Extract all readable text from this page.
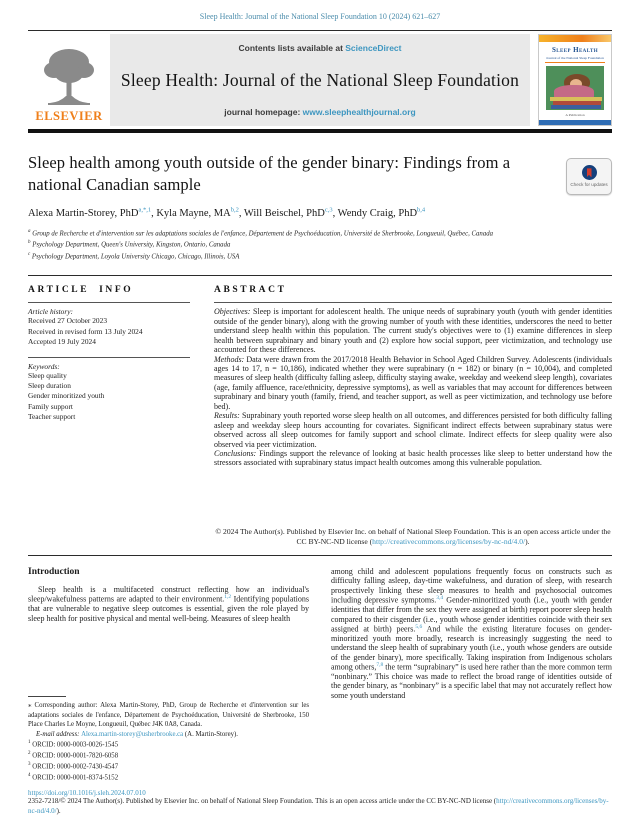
Sleep Health: Journal of the National Sleep Foundation 10 (2024) 621–627
ELSEVIER
Contents lists available at ScienceDirect
Sleep Health: Journal of the National Sleep Foundation
journal homepage: www.sleephealthjournal.org
Sleep Health
Journal of the National Sleep Foundation
A Publication
Sleep health among youth outside of the gender binary: Findings from a national Canadian sample	Check for updates
Alexa Martin-Storey, PhD$^{a,*,1}$, Kyla Mayne, MA$^{b,2}$, Will Beischel, PhD$^{c,3}$, Wendy Craig, PhD$^{b,4}$
$^a$ Group de Recherche et d'intervention sur les adaptations sociales de l'enfance, Département de Psychoéducation, Université de Sherbrooke, Longueuil, Québec, Canada
$^b$ Psychology Department, Queen's University, Kingston, Ontario, Canada
$^c$ Psychology Department, Loyola University Chicago, Chicago, Illinois, USA
ARTICLE INFO
Article history:
Received 27 October 2023
Received in revised form 13 July 2024
Accepted 19 July 2024
Keywords:
Sleep quality
Sleep duration
Gender minoritized youth
Family support
Teacher support
ABSTRACT
Objectives: Sleep is important for adolescent health. The unique needs of suprabinary youth (youth with gender identities outside of the gender binary), along with the growing number of youth with these identities, underscores the need to better understand sleep health within this population. The current study's objectives were to (1) examine differences in sleep health between suprabinary and binary youth and (2) explore how social support, peer victimization, and technology use accounted for these differences.
Methods: Data were drawn from the 2017/2018 Health Behavior in School Aged Children Survey. Adolescents (individuals ages 14 to 17, n = 10,186), indicated whether they were suprabinary (n = 182) or binary (n = 10,004), and completed measures of sleep health (difficulty falling asleep, difficulty staying awake, weekday and weekend sleep length), covariates (age, family affluence, race/ethnicity, depressive symptoms), as well as variables that may account for differences between suprabinary and binary youth (family, friend, and teacher support, as well as peer victimization, and technology use before bed).
Results: Suprabinary youth reported worse sleep health on all outcomes, and differences persisted for both difficulty falling asleep and weekday sleep hours accounting for covariates. Significant indirect effects between suprabinary status were observed across all sleep outcomes for family support and school climate. Indirect effects for sleep quality were also observed via peer victimization.
Conclusions: Findings support the relevance of looking at basic health processes like sleep to better understand how the stressors associated with suprabinary status impact health outcomes among this vulnerable population.
© 2024 The Author(s). Published by Elsevier Inc. on behalf of National Sleep Foundation. This is an open access article under the CC BY-NC-ND license (http://creativecommons.org/licenses/by-nc-nd/4.0/).
Introduction
Sleep health is a multifaceted construct reflecting how an individual's sleep/wakefulness patterns are adapted to their environment.$^{1,2}$ Identifying populations that are vulnerable to negative sleep outcomes is essential, given the role played by sleep health for positive physical and mental well-being. Measures of sleep health
⁎ Corresponding author: Alexa Martin-Storey, PhD, Group de Recherche et d'intervention sur les adaptations sociales de l'enfance, Département de Psychoéducation, Université de Sherbrooke, 150 Place Charles Le Moyne, Longueuil, Québec J4K 0A8, Canada.
E-mail address: Alexa.martin-storey@usherbrooke.ca (A. Martin-Storey).
$^1$ ORCID: 0000-0003-0026-1545
$^2$ ORCID: 0000-0001-7820-6058
$^3$ ORCID: 0000-0002-7430-4547
$^4$ ORCID: 0000-0001-8374-5152
among child and adolescent populations frequently focus on constructs such as difficulty falling asleep, day-time wakefulness, and duration of sleep, with research prospectively linking these sleep measures to health and psychosocial outcomes including depressive symptoms.$^{3,4}$ Gender-minoritized youth (i.e., youth with gender identities that differ from the sex they were assigned at birth) report poorer sleep health compared to their cisgender (i.e., youth whose gender identities coincide with their sex assigned at birth) peers.$^{5,6}$ And while the existing literature focuses on gender-minoritized youth more broadly, research is increasingly suggesting the need to understand the sleep health of suprabinary youth (i.e., youth whose genders are outside of the gender binary), more specifically. Taking inspiration from Indigenous scholars among others,$^{7,8}$ the term “suprabinary” is used here rather than the more common term “nonbinary.” This choice was made to reflect the broad range of identities outside of the gender binary, as “nonbinary” is a specific label that may not accurately reflect how some youth understand
https://doi.org/10.1016/j.sleh.2024.07.010
2352-7218/© 2024 The Author(s). Published by Elsevier Inc. on behalf of National Sleep Foundation. This is an open access article under the CC BY-NC-ND license (http://creativecommons.org/licenses/by-nc-nd/4.0/).
